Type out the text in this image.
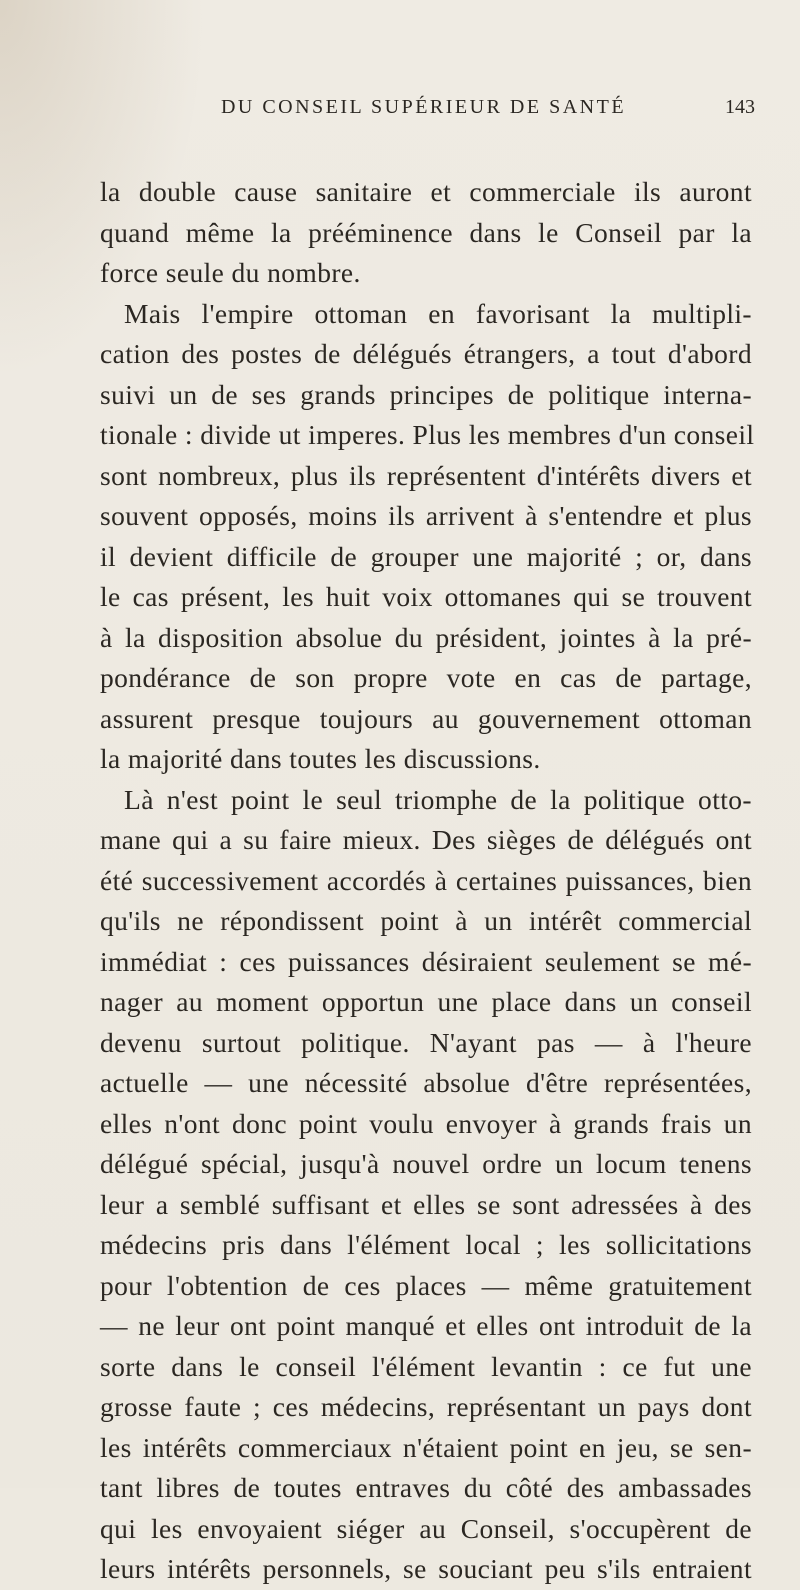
DU CONSEIL SUPÉRIEUR DE SANTÉ	143
la double cause sanitaire et commerciale ils auront
quand même la prééminence dans le Conseil par la
force seule du nombre.
Mais l'empire ottoman en favorisant la multipli-
cation des postes de délégués étrangers, a tout d'abord
suivi un de ses grands principes de politique interna-
tionale : divide ut imperes. Plus les membres d'un conseil
sont nombreux, plus ils représentent d'intérêts divers et
souvent opposés, moins ils arrivent à s'entendre et plus
il devient difficile de grouper une majorité ; or, dans
le cas présent, les huit voix ottomanes qui se trouvent
à la disposition absolue du président, jointes à la pré-
pondérance de son propre vote en cas de partage,
assurent presque toujours au gouvernement ottoman
la majorité dans toutes les discussions.
Là n'est point le seul triomphe de la politique otto-
mane qui a su faire mieux. Des sièges de délégués ont
été successivement accordés à certaines puissances, bien
qu'ils ne répondissent point à un intérêt commercial
immédiat : ces puissances désiraient seulement se mé-
nager au moment opportun une place dans un conseil
devenu surtout politique. N'ayant pas — à l'heure
actuelle — une nécessité absolue d'être représentées,
elles n'ont donc point voulu envoyer à grands frais un
délégué spécial, jusqu'à nouvel ordre un locum tenens
leur a semblé suffisant et elles se sont adressées à des
médecins pris dans l'élément local ; les sollicitations
pour l'obtention de ces places — même gratuitement
— ne leur ont point manqué et elles ont introduit de la
sorte dans le conseil l'élément levantin : ce fut une
grosse faute ; ces médecins, représentant un pays dont
les intérêts commerciaux n'étaient point en jeu, se sen-
tant libres de toutes entraves du côté des ambassades
qui les envoyaient siéger au Conseil, s'occupèrent de
leurs intérêts personnels, se souciant peu s'ils entraient
